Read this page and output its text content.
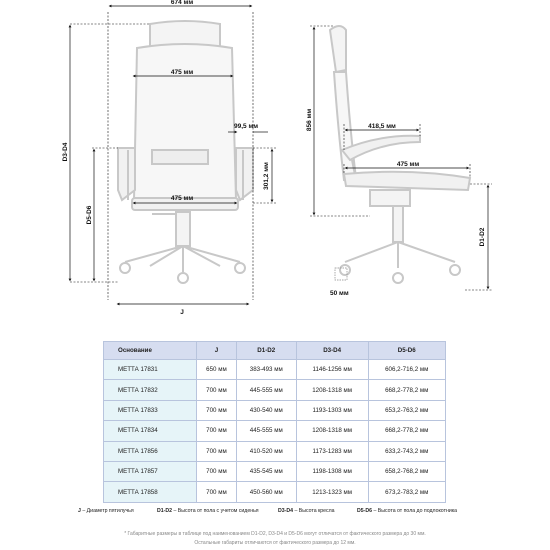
674 мм
475 мм
99,5 мм
475 мм
J
D3-D4
D5-D6
301,2 мм
418,5 мм
475 мм
50 мм
856 мм
D1-D2
Основание	J	D1-D2	D3-D4	D5-D6
МЕТТА 17831	650 мм	383-493 мм	1146-1256 мм	606,2-716,2 мм
МЕТТА 17832	700 мм	445-555 мм	1208-1318 мм	668,2-778,2 мм
МЕТТА 17833	700 мм	430-540 мм	1193-1303 мм	653,2-763,2 мм
МЕТТА 17834	700 мм	445-555 мм	1208-1318 мм	668,2-778,2 мм
МЕТТА 17856	700 мм	410-520 мм	1173-1283 мм	633,2-743,2 мм
МЕТТА 17857	700 мм	435-545 мм	1198-1308 мм	658,2-768,2 мм
МЕТТА 17858	700 мм	450-560 мм	1213-1323 мм	673,2-783,2 мм
J – Диаметр пятилучья	D1-D2 – Высота от пола с учетом сиденья	D3-D4 – Высота кресла	D5-D6 – Высота от пола до подлокотника
* Габаритные размеры в таблице под наименованием D1-D2, D3-D4 и D5-D6 могут отличатся от фактического размера до 30 мм.
Остальные габариты отличаются от фактического размера до 12 мм.
